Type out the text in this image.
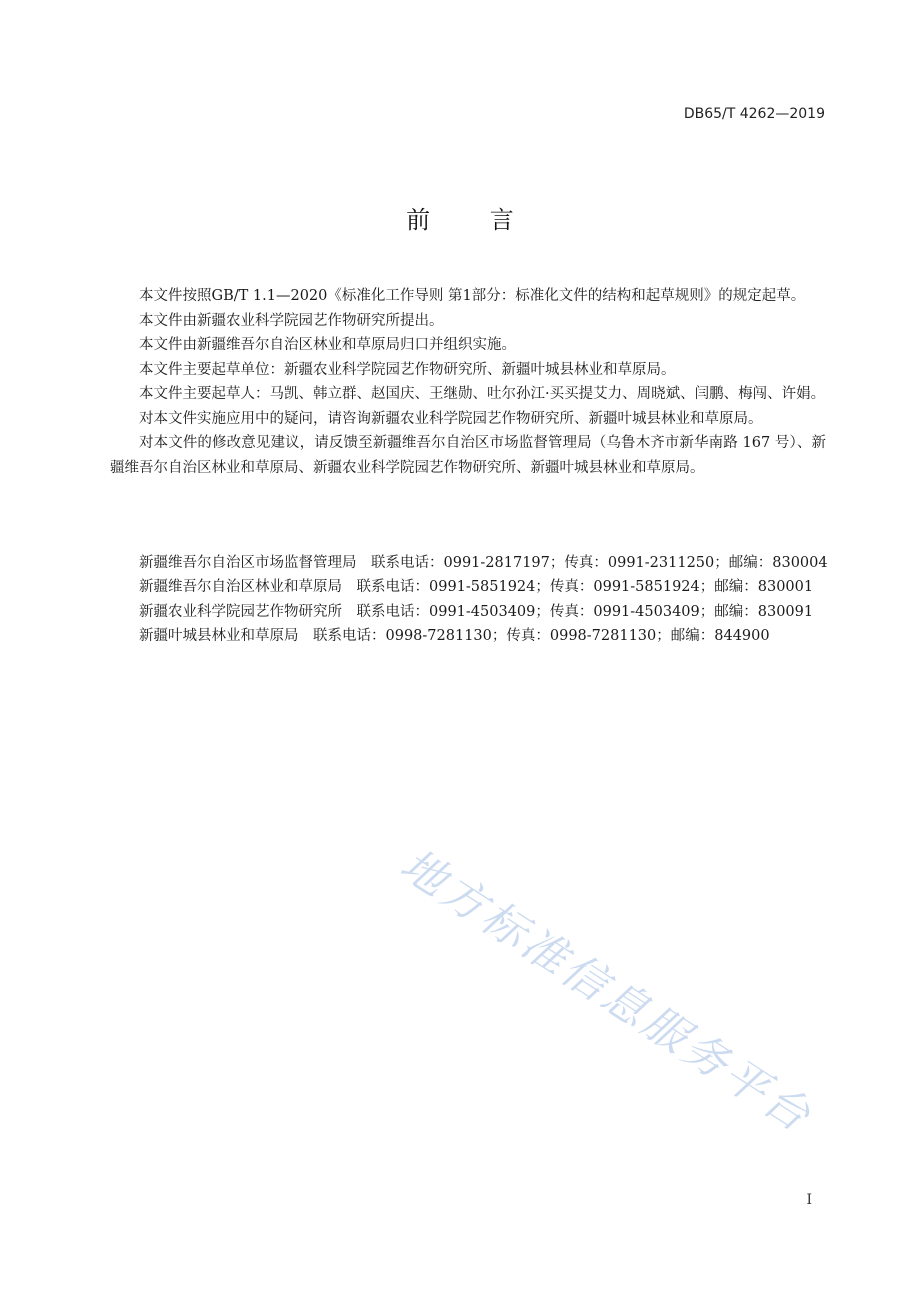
DB65/T 4262—2019
前 言

本文件按照GB/T 1.1—2020《标准化工作导则 第1部分：标准化文件的结构和起草规则》的规定起草。

本文件由新疆农业科学院园艺作物研究所提出。

本文件由新疆维吾尔自治区林业和草原局归口并组织实施。

本文件主要起草单位：新疆农业科学院园艺作物研究所、新疆叶城县林业和草原局。

本文件主要起草人：马凯、韩立群、赵国庆、王继勋、吐尔孙江·买买提艾力、周晓斌、闫鹏、梅闯、许娟。

对本文件实施应用中的疑问，请咨询新疆农业科学院园艺作物研究所、新疆叶城县林业和草原局。

对本文件的修改意见建议，请反馈至新疆维吾尔自治区市场监督管理局（乌鲁木齐市新华南路 167 号）、新疆维吾尔自治区林业和草原局、新疆农业科学院园艺作物研究所、新疆叶城县林业和草原局。

新疆维吾尔自治区市场监督管理局　联系电话：0991-2817197；传真：0991-2311250；邮编：830004
新疆维吾尔自治区林业和草原局　联系电话：0991-5851924；传真：0991-5851924；邮编：830001
新疆农业科学院园艺作物研究所　联系电话：0991-4503409；传真：0991-4503409；邮编：830091
新疆叶城县林业和草原局　联系电话：0998-7281130；传真：0998-7281130；邮编：844900
地方标准信息服务平台
I
